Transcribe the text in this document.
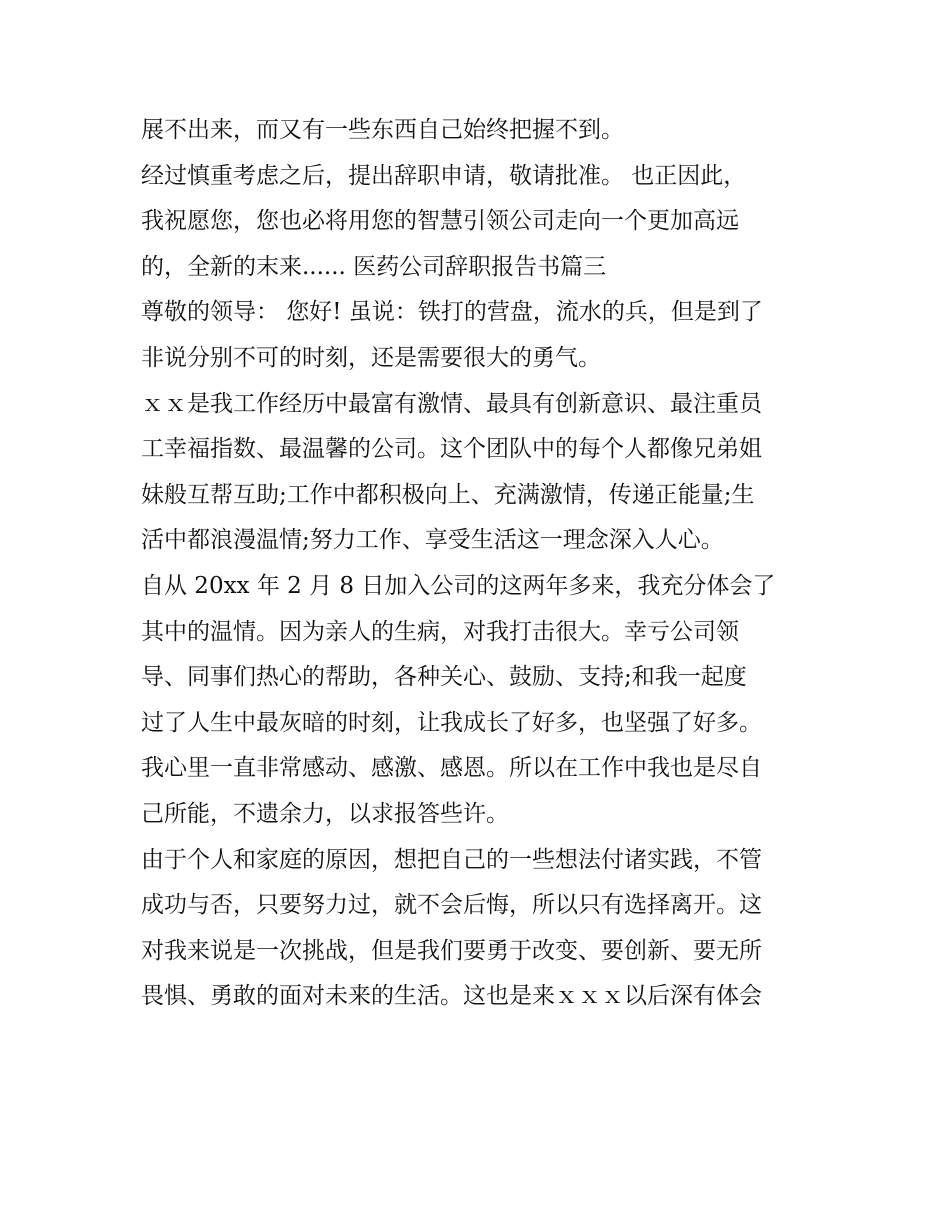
展不出来，而又有一些东西自己始终把握不到。
经过慎重考虑之后，提出辞职申请，敬请批准。 也正因此，
我祝愿您，您也必将用您的智慧引领公司走向一个更加高远
的，全新的末来...... 医药公司辞职报告书篇三
尊敬的领导： 您好! 虽说：铁打的营盘，流水的兵，但是到了
非说分别不可的时刻，还是需要很大的勇气。
ｘｘ是我工作经历中最富有激情、最具有创新意识、最注重员
工幸福指数、最温馨的公司。这个团队中的每个人都像兄弟姐
妹般互帮互助;工作中都积极向上、充满激情，传递正能量;生
活中都浪漫温情;努力工作、享受生活这一理念深入人心。
自从 20xx 年 2 月 8 日加入公司的这两年多来，我充分体会了
其中的温情。因为亲人的生病，对我打击很大。幸亏公司领
导、同事们热心的帮助，各种关心、鼓励、支持;和我一起度
过了人生中最灰暗的时刻，让我成长了好多，也坚强了好多。
我心里一直非常感动、感激、感恩。所以在工作中我也是尽自
己所能，不遗余力，以求报答些许。
由于个人和家庭的原因，想把自己的一些想法付诸实践，不管
成功与否，只要努力过，就不会后悔，所以只有选择离开。这
对我来说是一次挑战，但是我们要勇于改变、要创新、要无所
畏惧、勇敢的面对未来的生活。这也是来ｘｘｘ以后深有体会
